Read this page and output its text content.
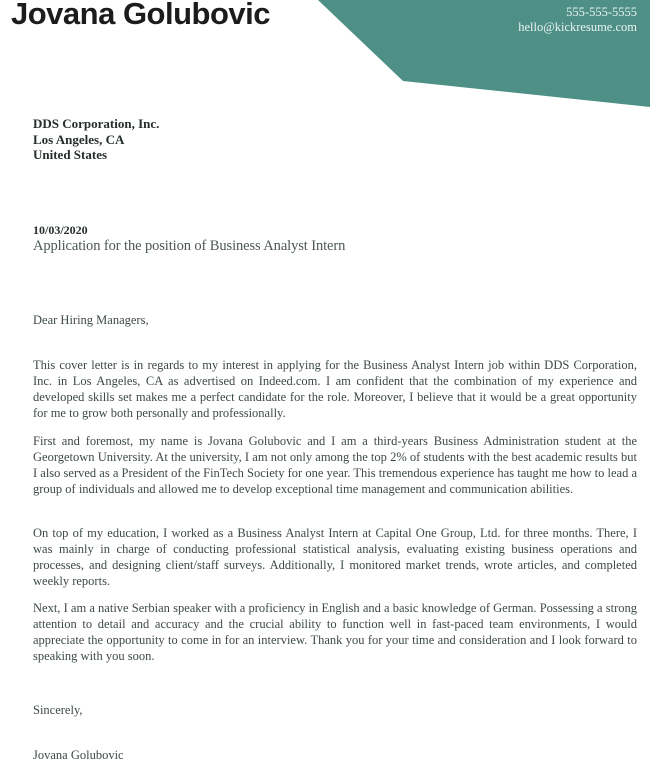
Jovana Golubovic	555-555-5555
hello@kickresume.com
DDS Corporation, Inc.
Los Angeles, CA
United States
10/03/2020
Application for the position of Business Analyst Intern
Dear Hiring Managers,

This cover letter is in regards to my interest in applying for the Business Analyst Intern job within DDS Corporation, Inc. in Los Angeles, CA as advertised on Indeed.com. I am confident that the combination of my experience and developed skills set makes me a perfect candidate for the role. Moreover, I believe that it would be a great opportunity for me to grow both personally and professionally.

First and foremost, my name is Jovana Golubovic and I am a third-years Business Administration student at the Georgetown University. At the university, I am not only among the top 2% of students with the best academic results but I also served as a President of the FinTech Society for one year. This tremendous experience has taught me how to lead a group of individuals and allowed me to develop exceptional time management and communication abilities.

On top of my education, I worked as a Business Analyst Intern at Capital One Group, Ltd. for three months. There, I was mainly in charge of conducting professional statistical analysis, evaluating existing business operations and processes, and designing client/staff surveys. Additionally, I monitored market trends, wrote articles, and completed weekly reports.

Next, I am a native Serbian speaker with a proficiency in English and a basic knowledge of German. Possessing a strong attention to detail and accuracy and the crucial ability to function well in fast-paced team environments, I would appreciate the opportunity to come in for an interview. Thank you for your time and consideration and I look forward to speaking with you soon.

Sincerely,
Jovana Golubovic
